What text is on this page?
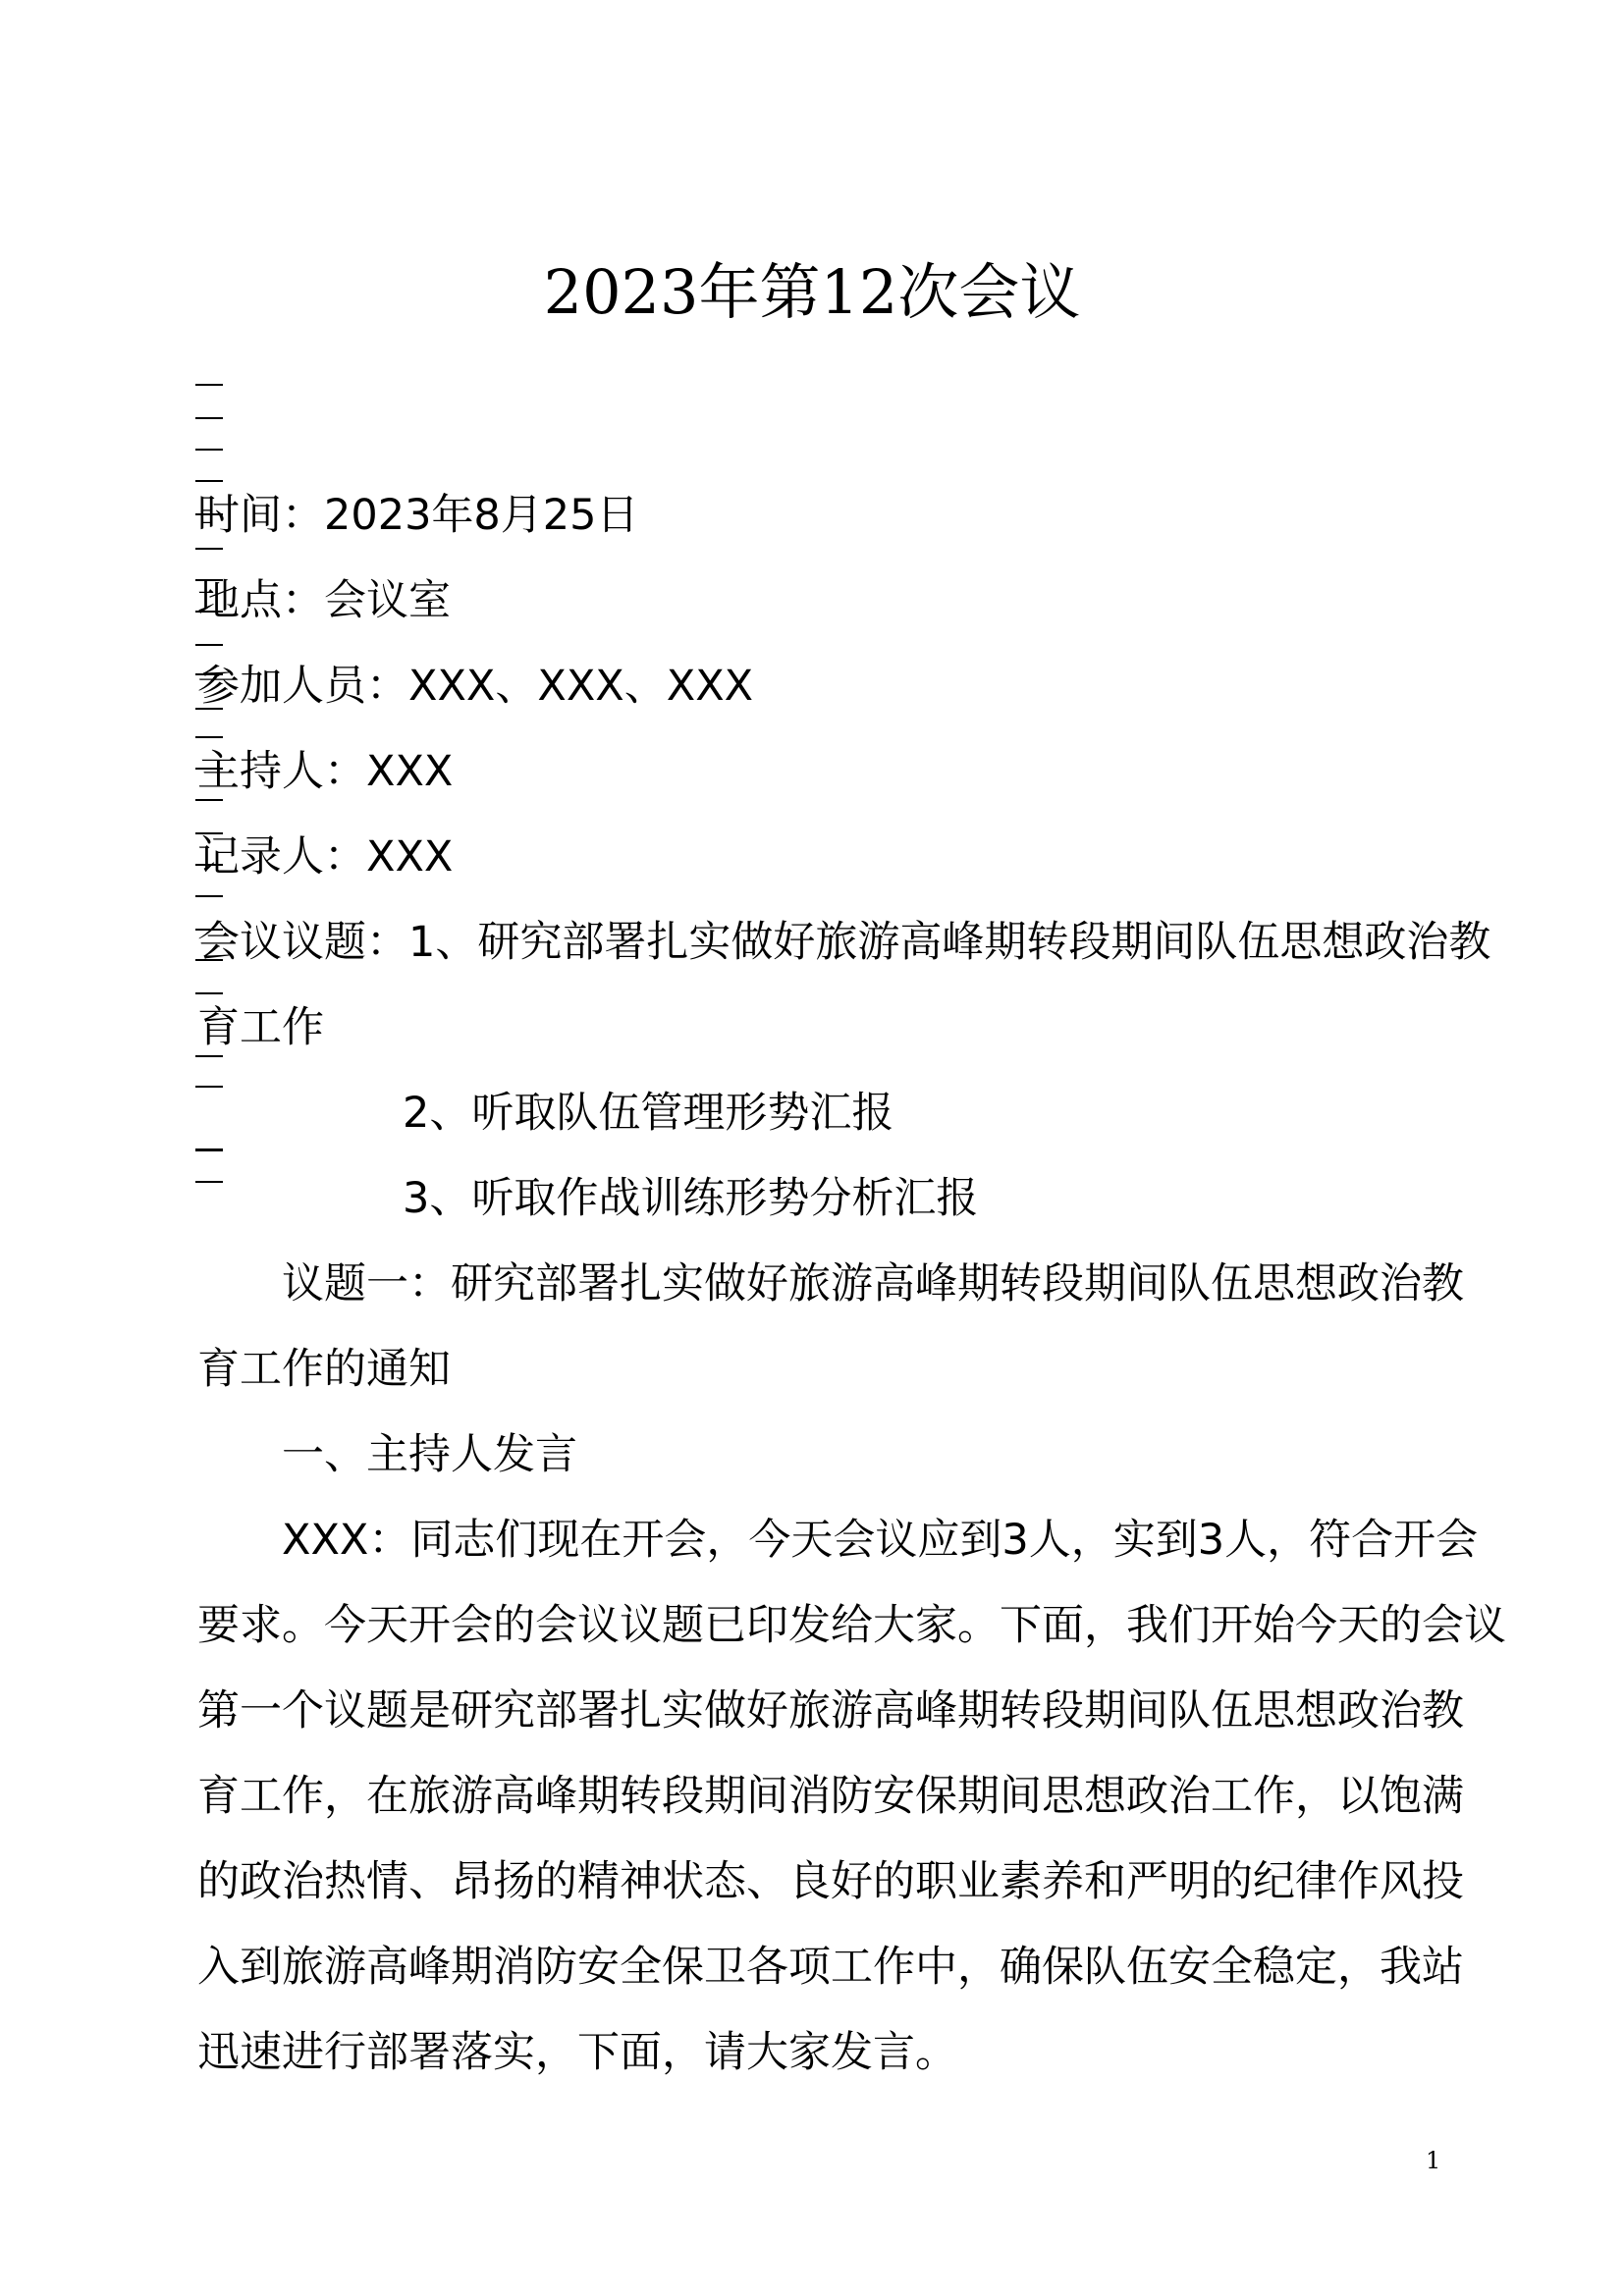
2023年第12次会议
时间：2023年8月25日
地点：会议室
参加人员：XXX、XXX、XXX
主持人：XXX
记录人：XXX
会议议题：1、研究部署扎实做好旅游高峰期转段期间队伍思想政治教
育工作
2、听取队伍管理形势汇报
3、听取作战训练形势分析汇报
议题一：研究部署扎实做好旅游高峰期转段期间队伍思想政治教
育工作的通知
一、主持人发言
XXX：同志们现在开会，今天会议应到3人，实到3人，符合开会
要求。今天开会的会议议题已印发给大家。下面，我们开始今天的会议
第一个议题是研究部署扎实做好旅游高峰期转段期间队伍思想政治教
育工作，在旅游高峰期转段期间消防安保期间思想政治工作，以饱满
的政治热情、昂扬的精神状态、良好的职业素养和严明的纪律作风投
入到旅游高峰期消防安全保卫各项工作中，确保队伍安全稳定，我站
迅速进行部署落实，下面，请大家发言。
1
